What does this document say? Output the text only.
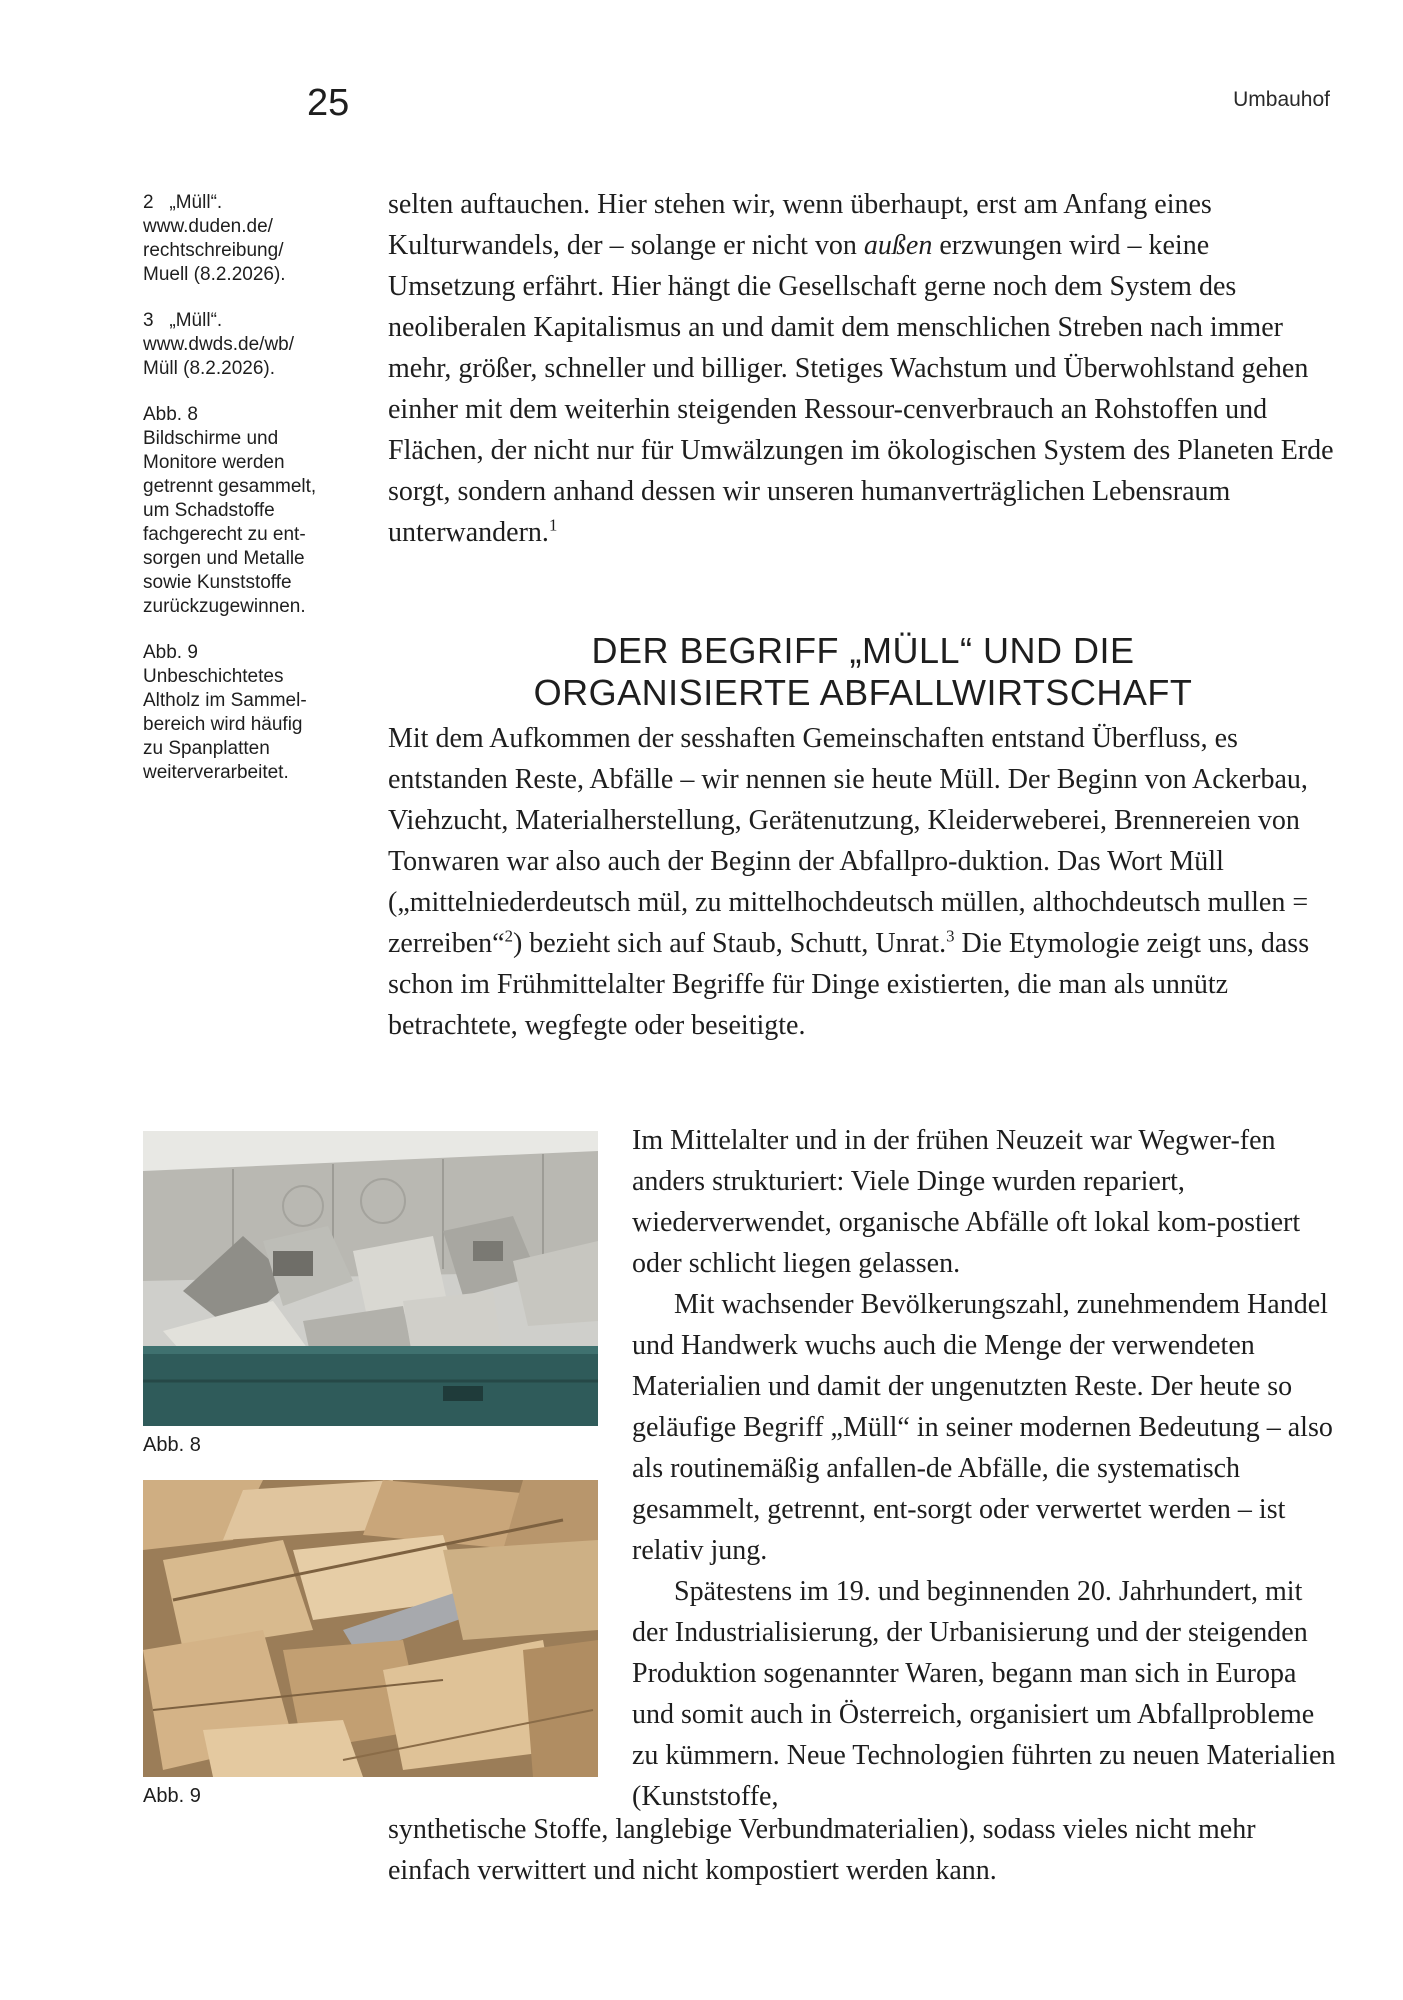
25	Umbauhof
2   „Müll“.
www.duden.de/
rechtschreibung/
Muell (8.2.2026).
3   „Müll“.
www.dwds.de/wb/
Müll (8.2.2026).
Abb. 8
Bildschirme und
Monitore werden
getrennt gesammelt,
um Schadstoffe
fachgerecht zu ent-
sorgen und Metalle
sowie Kunststoffe
zurückzugewinnen.
Abb. 9
Unbeschichtetes
Altholz im Sammel-
bereich wird häufig
zu Spanplatten
weiterverarbeitet.

selten auftauchen. Hier stehen wir, wenn überhaupt, erst am Anfang eines Kulturwandels, der – solange er nicht von außen erzwungen wird – keine Umsetzung erfährt. Hier hängt die Gesellschaft gerne noch dem System des neoliberalen Kapitalismus an und damit dem menschlichen Streben nach immer mehr, größer, schneller und billiger. Stetiges Wachstum und Überwohlstand gehen einher mit dem weiterhin steigenden Ressour-cenverbrauch an Rohstoffen und Flächen, der nicht nur für Umwälzungen im ökologischen System des Planeten Erde sorgt, sondern anhand dessen wir unseren humanverträglichen Lebensraum unterwandern.$^1$

DER BEGRIFF „MÜLL“ UND DIE
ORGANISIERTE ABFALLWIRTSCHAFT

Mit dem Aufkommen der sesshaften Gemeinschaften entstand Überfluss, es entstanden Reste, Abfälle – wir nennen sie heute Müll. Der Beginn von Ackerbau, Viehzucht, Materialherstellung, Gerätenutzung, Kleiderweberei, Brennereien von Tonwaren war also auch der Beginn der Abfallpro-duktion. Das Wort Müll („mittelniederdeutsch mül, zu mittelhochdeutsch müllen, althochdeutsch mullen = zerreiben“$^2$) bezieht sich auf Staub, Schutt, Unrat.$^3$ Die Etymologie zeigt uns, dass schon im Frühmittelalter Begriffe für Dinge existierten, die man als unnütz betrachtete, wegfegte oder beseitigte.

Abb. 8
Abb. 9

Im Mittelalter und in der frühen Neuzeit war Wegwer-fen anders strukturiert: Viele Dinge wurden repariert, wiederverwendet, organische Abfälle oft lokal kom-postiert oder schlicht liegen gelassen.

Mit wachsender Bevölkerungszahl, zunehmendem Handel und Handwerk wuchs auch die Menge der verwendeten Materialien und damit der ungenutzten Reste. Der heute so geläufige Begriff „Müll“ in seiner modernen Bedeutung – also als routinemäßig anfallen-de Abfälle, die systematisch gesammelt, getrennt, ent-sorgt oder verwertet werden – ist relativ jung.

Spätestens im 19. und beginnenden 20. Jahrhundert, mit der Industrialisierung, der Urbanisierung und der steigenden Produktion sogenannter Waren, begann man sich in Europa und somit auch in Österreich, organisiert um Abfallprobleme zu kümmern. Neue Technologien führten zu neuen Materialien (Kunststoffe,

synthetische Stoffe, langlebige Verbundmaterialien), sodass vieles nicht mehr einfach verwittert und nicht kompostiert werden kann.
